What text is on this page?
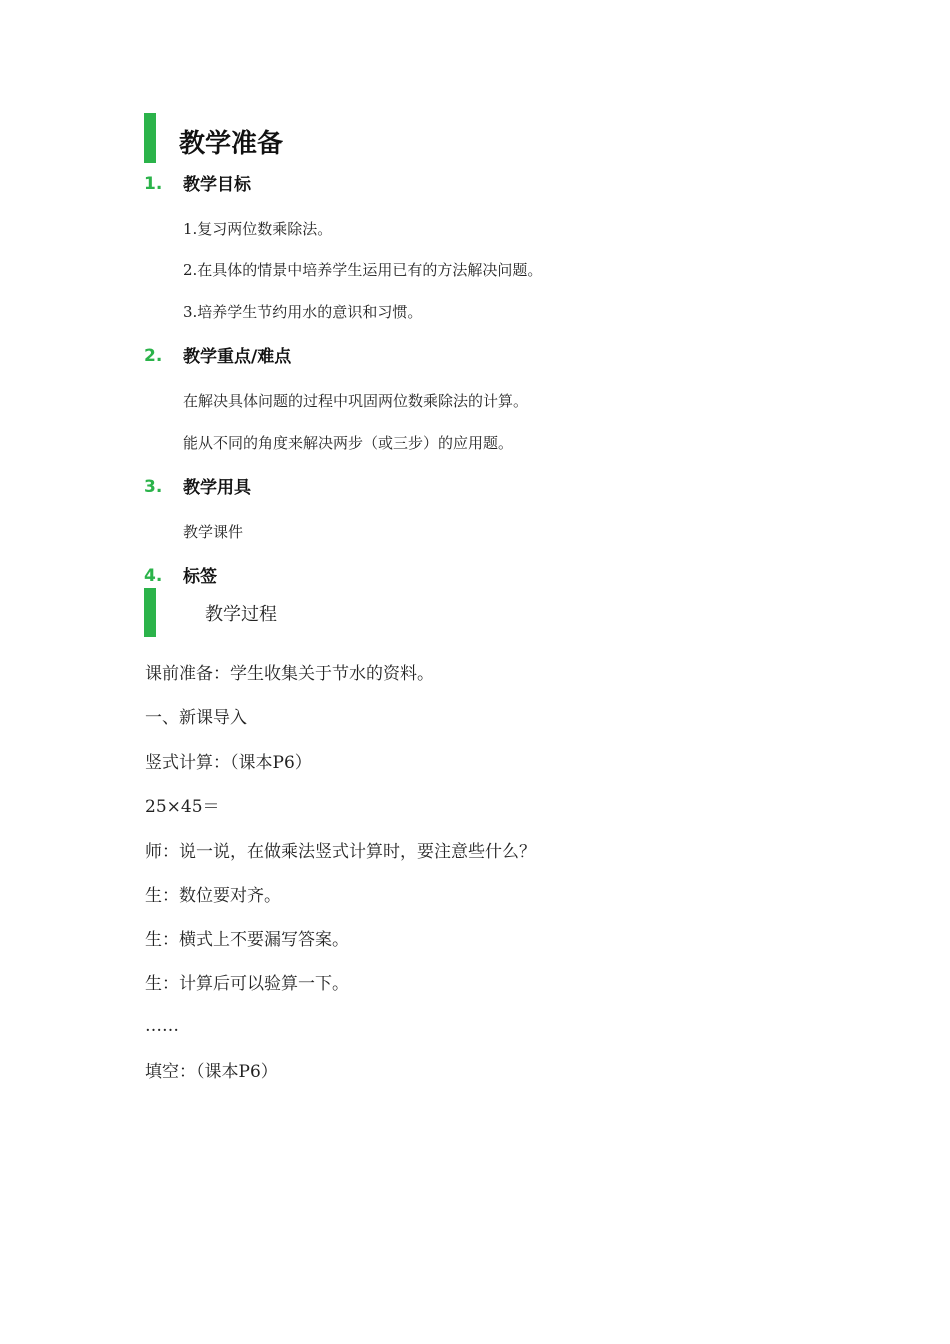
教学准备
1. 教学目标
1.复习两位数乘除法。
2.在具体的情景中培养学生运用已有的方法解决问题。
3.培养学生节约用水的意识和习惯。
2. 教学重点/难点
在解决具体问题的过程中巩固两位数乘除法的计算。
能从不同的角度来解决两步（或三步）的应用题。
3. 教学用具
教学课件
4. 标签
教学过程
课前准备：学生收集关于节水的资料。
一、新课导入
竖式计算：（课本P6）
25×45＝
师：说一说，在做乘法竖式计算时，要注意些什么？
生：数位要对齐。
生：横式上不要漏写答案。
生：计算后可以验算一下。
……
填空：（课本P6）
